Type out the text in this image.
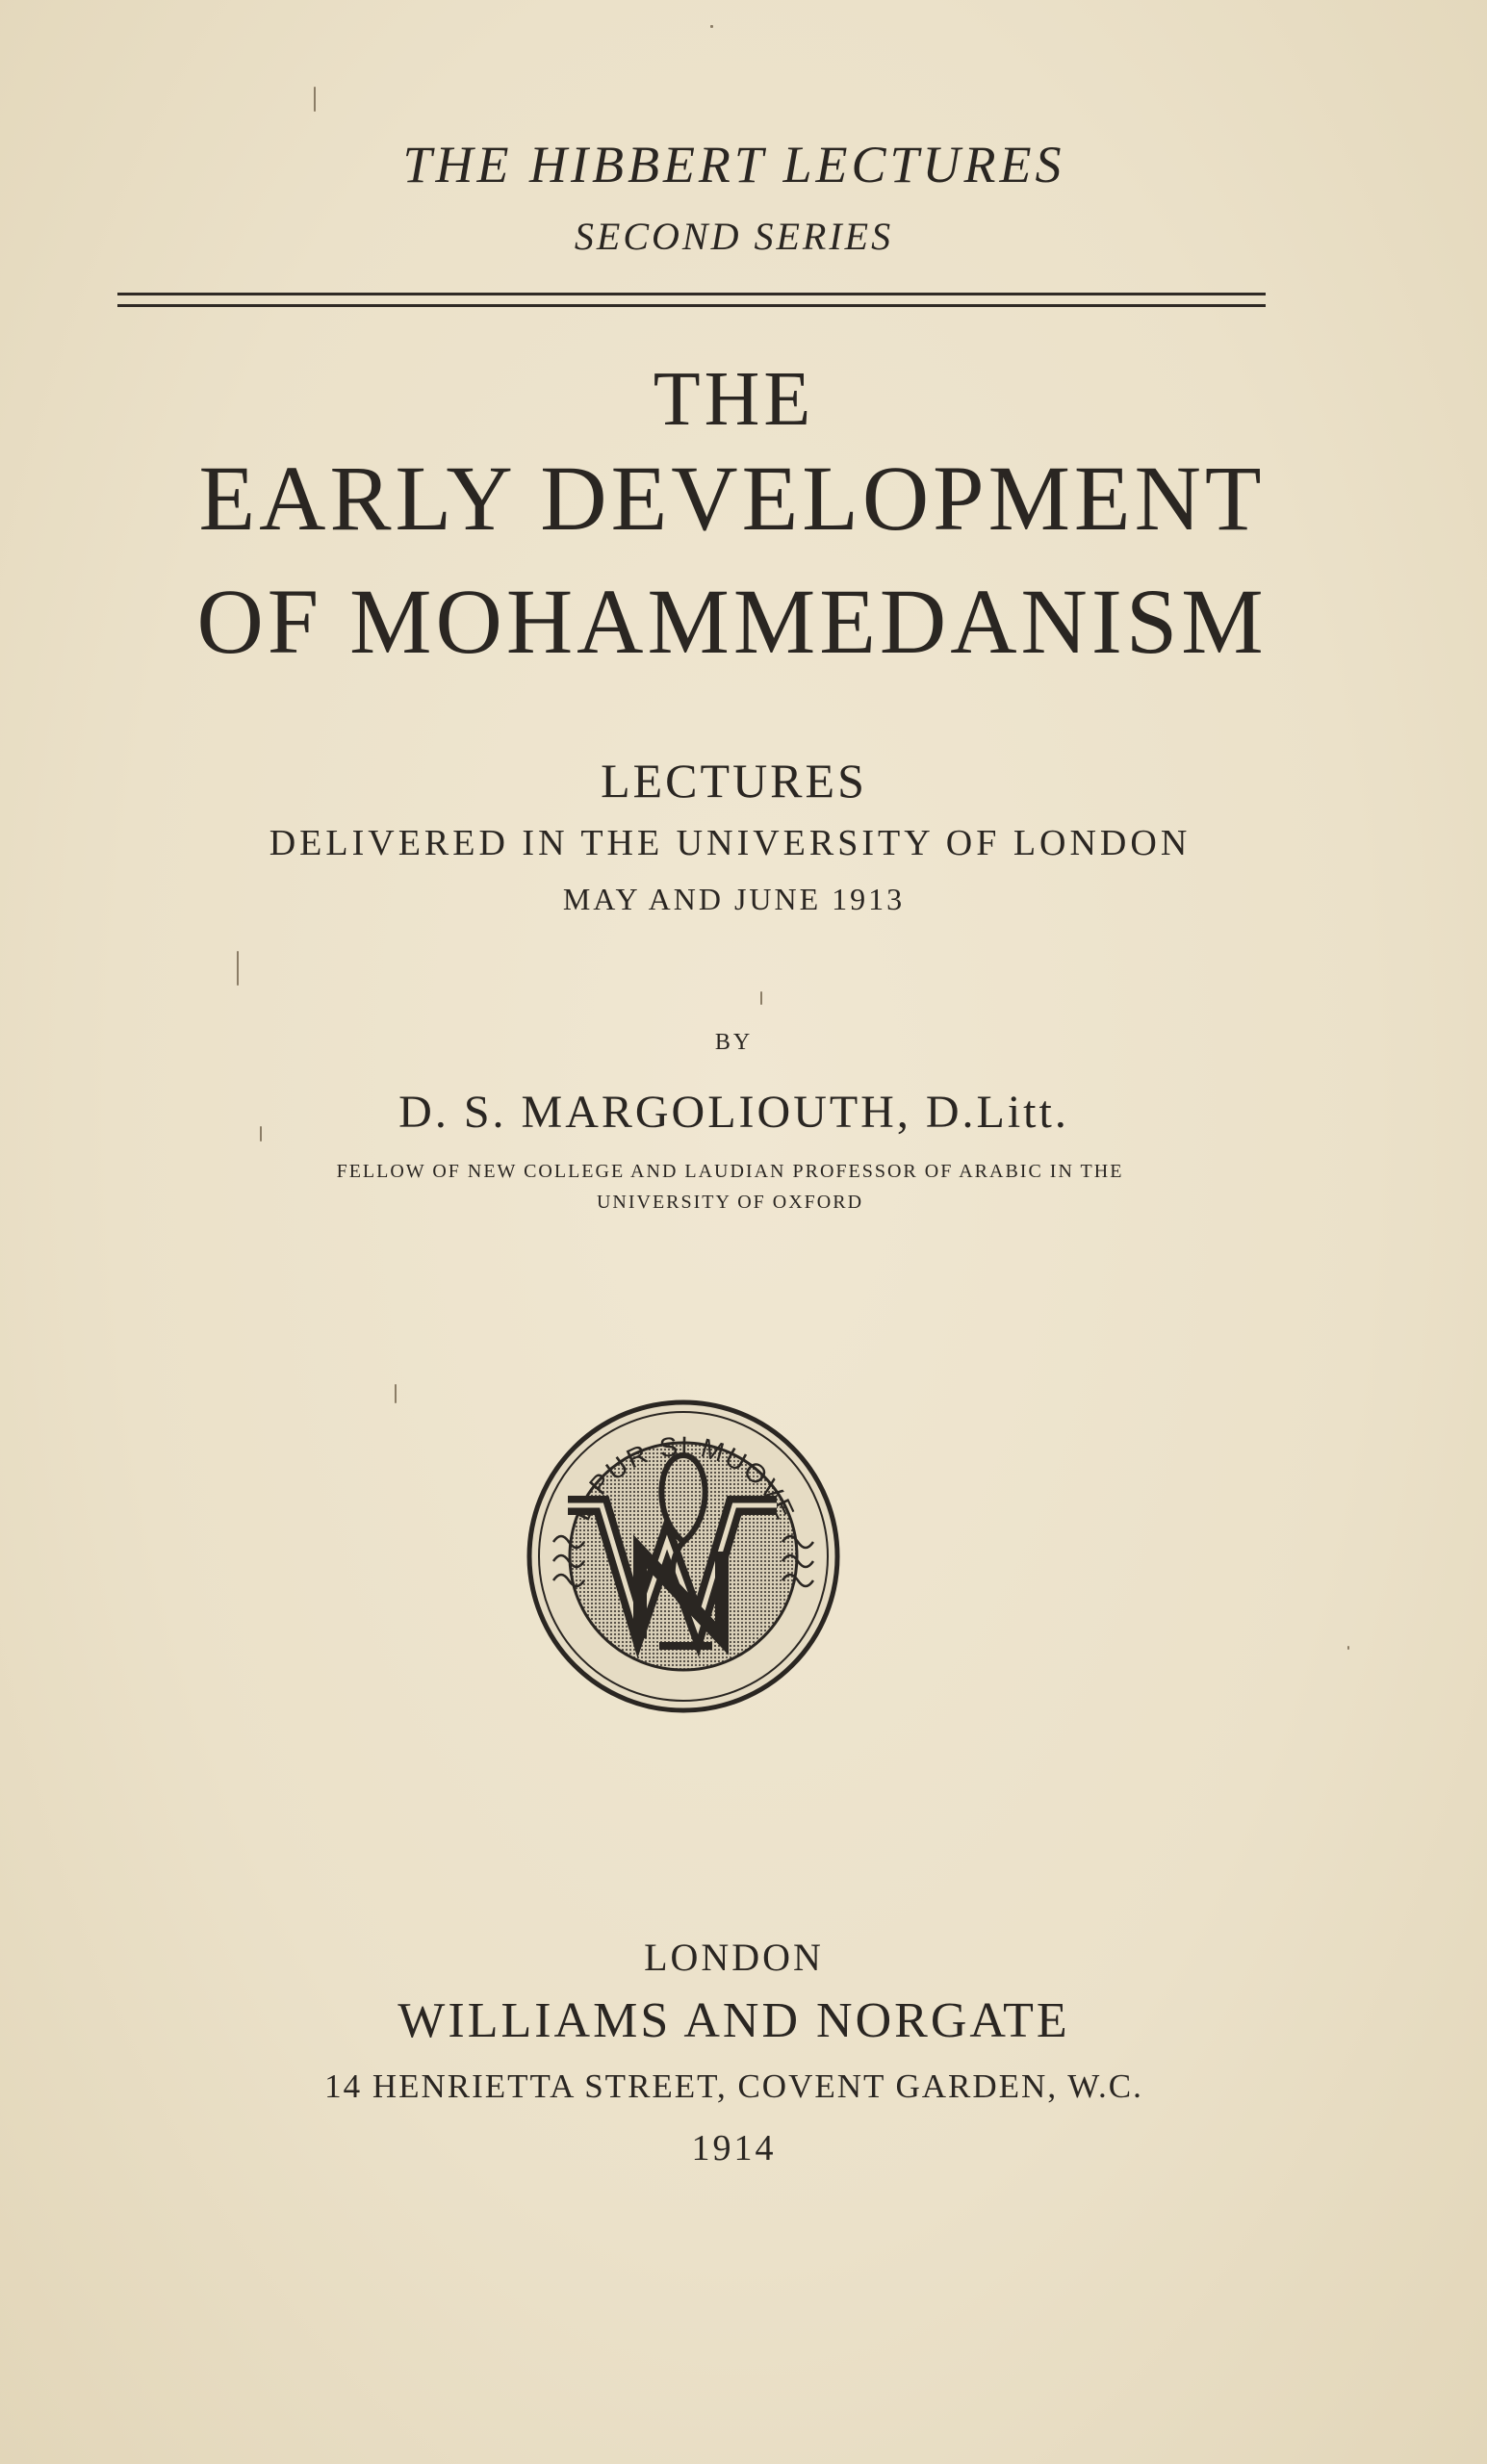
THE HIBBERT LECTURES

SECOND SERIES

THE
EARLY DEVELOPMENT
OF MOHAMMEDANISM

LECTURES

DELIVERED IN THE UNIVERSITY OF LONDON

MAY AND JUNE 1913

BY

D. S. MARGOLIOUTH, D.Litt.

FELLOW OF NEW COLLEGE AND LAUDIAN PROFESSOR OF ARABIC IN THE

UNIVERSITY OF OXFORD

E PUR SI MUOVE

LONDON

WILLIAMS AND NORGATE

14 HENRIETTA STREET, COVENT GARDEN, W.C.

1914
